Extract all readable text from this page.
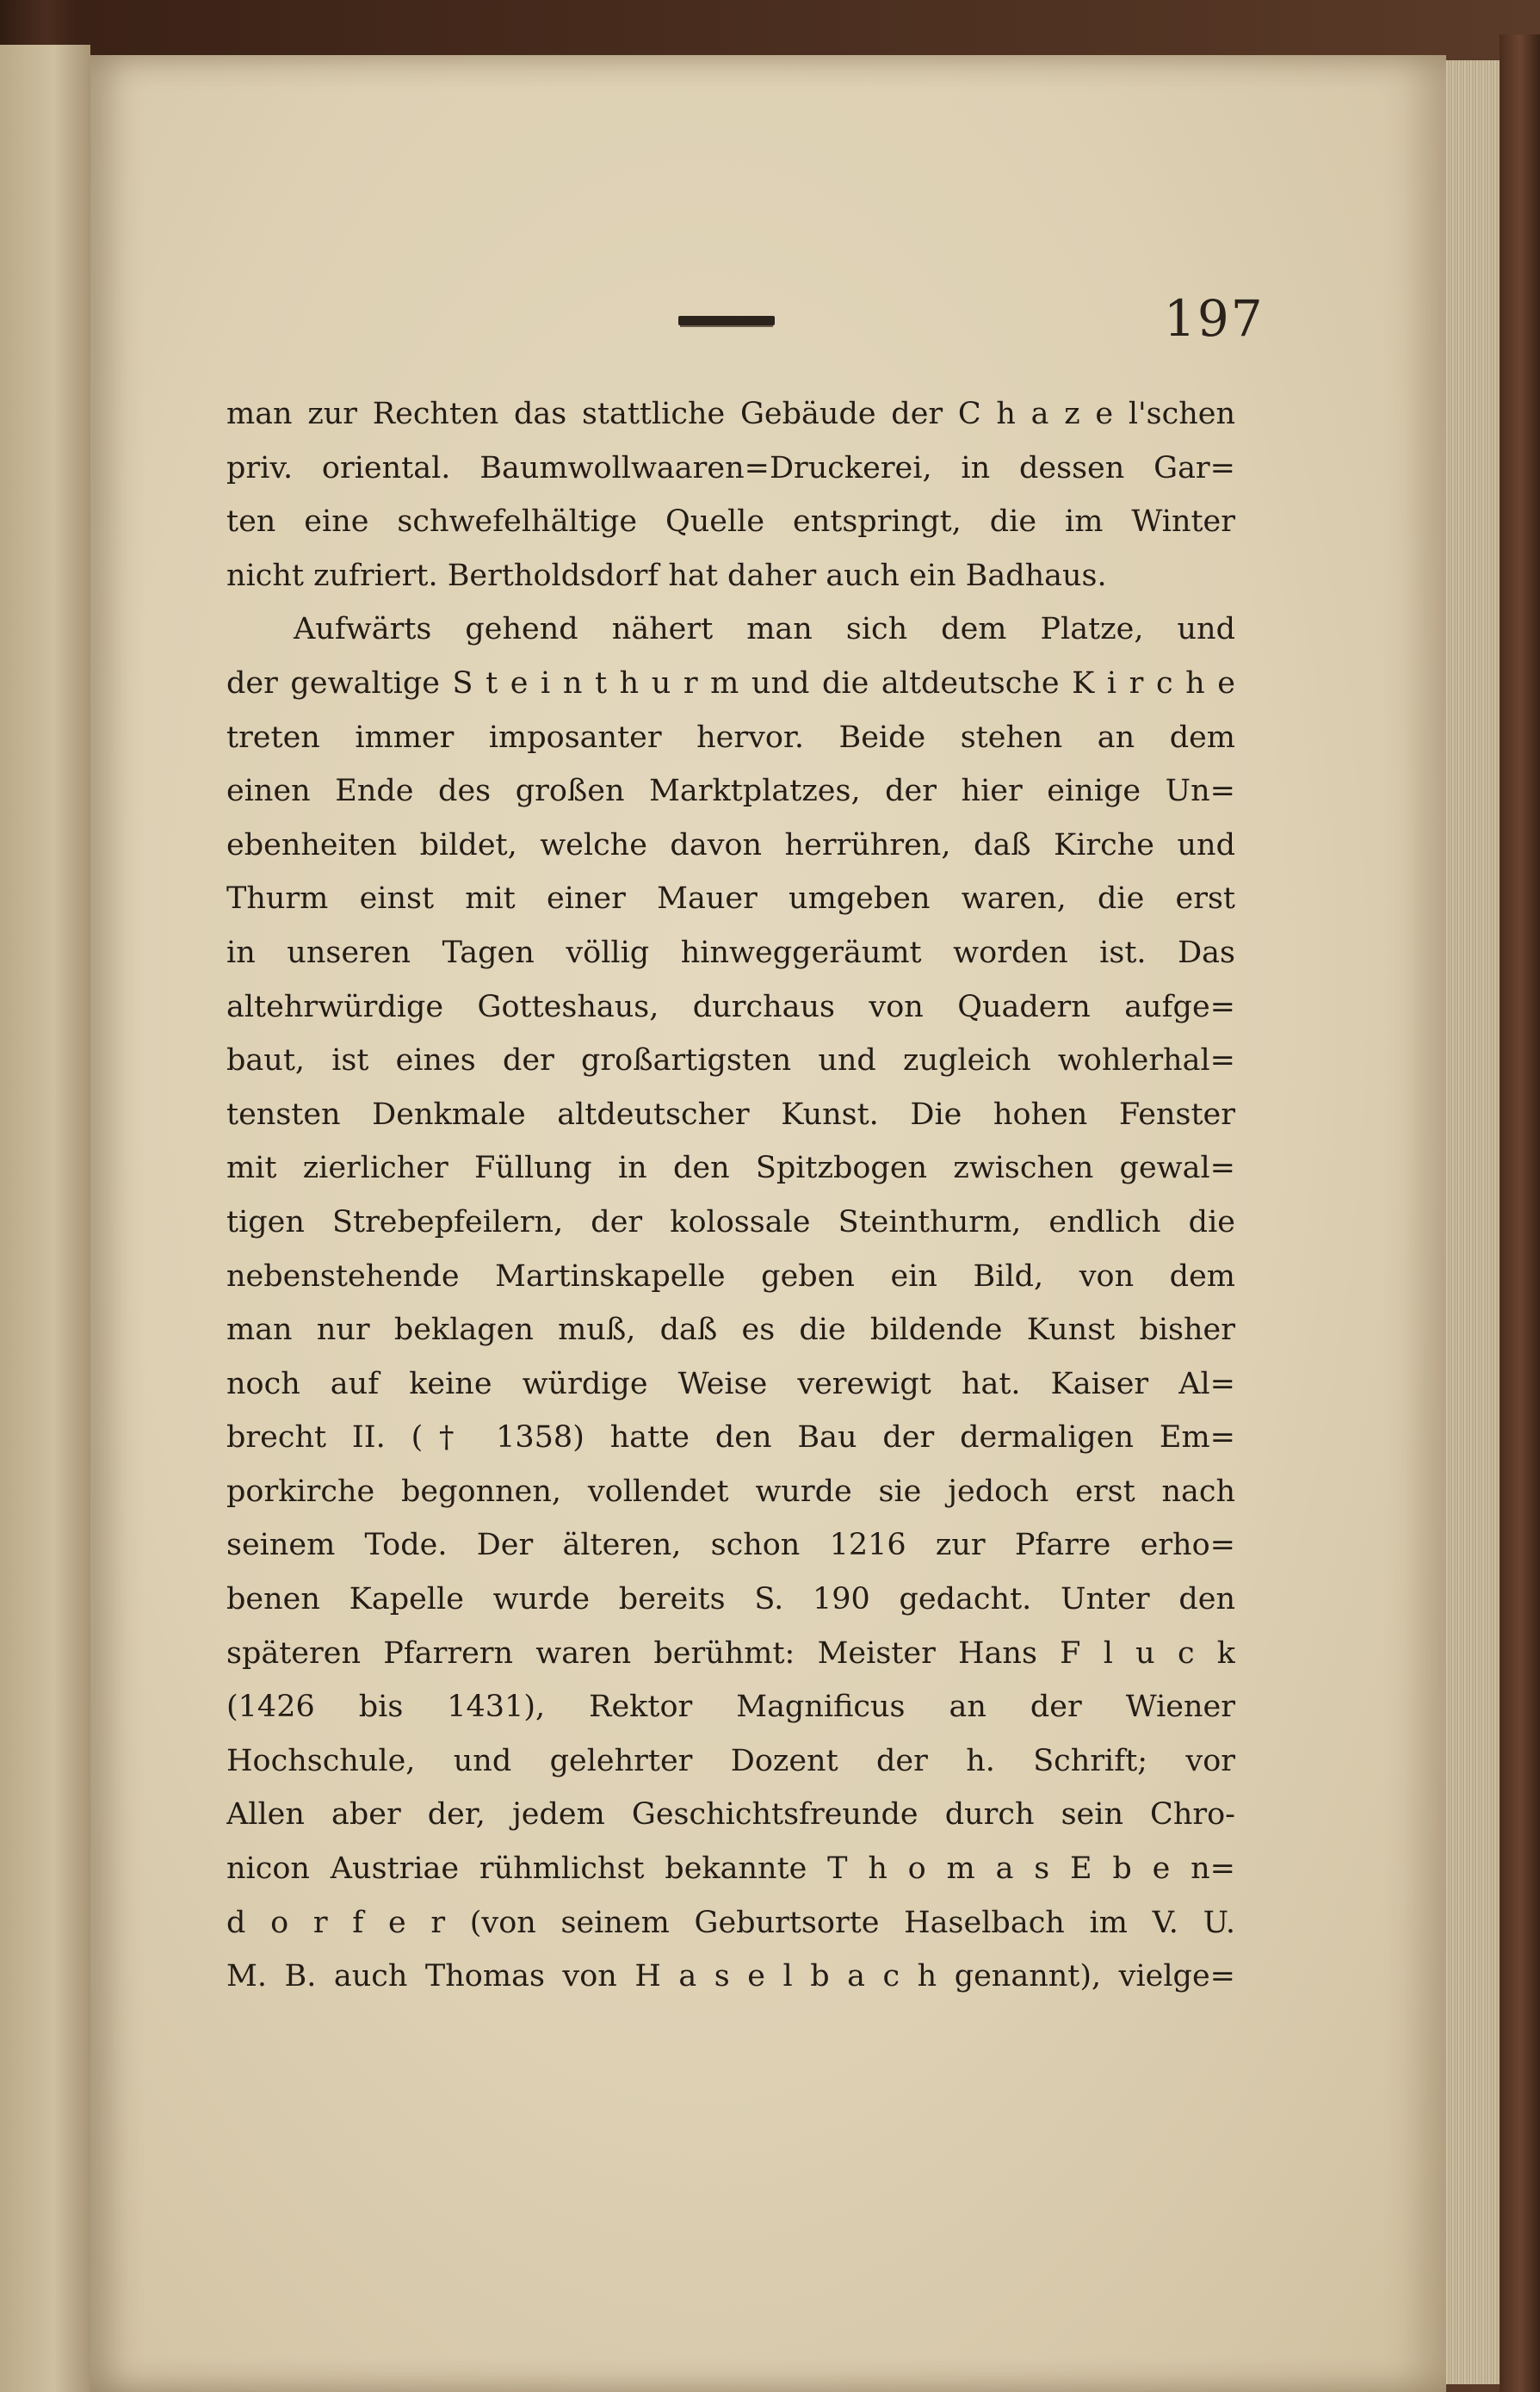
197
man zur Rechten das stattliche Gebäude der C h a z e l'schen
priv. oriental. Baumwollwaaren=Druckerei, in dessen Gar=
ten eine schwefelhältige Quelle entspringt, die im Winter
nicht zufriert. Bertholdsdorf hat daher auch ein Badhaus.
Aufwärts gehend nähert man sich dem Platze, und
der gewaltige S t e i n t h u r m und die altdeutsche K i r c h e
treten immer imposanter hervor. Beide stehen an dem
einen Ende des großen Marktplatzes, der hier einige Un=
ebenheiten bildet, welche davon herrühren, daß Kirche und
Thurm einst mit einer Mauer umgeben waren, die erst
in unseren Tagen völlig hinweggeräumt worden ist. Das
altehrwürdige Gotteshaus, durchaus von Quadern aufge=
baut, ist eines der großartigsten und zugleich wohlerhal=
tensten Denkmale altdeutscher Kunst. Die hohen Fenster
mit zierlicher Füllung in den Spitzbogen zwischen gewal=
tigen Strebepfeilern, der kolossale Steinthurm, endlich die
nebenstehende Martinskapelle geben ein Bild, von dem
man nur beklagen muß, daß es die bildende Kunst bisher
noch auf keine würdige Weise verewigt hat. Kaiser Al=
brecht II. († 1358) hatte den Bau der dermaligen Em=
porkirche begonnen, vollendet wurde sie jedoch erst nach
seinem Tode. Der älteren, schon 1216 zur Pfarre erho=
benen Kapelle wurde bereits S. 190 gedacht. Unter den
späteren Pfarrern waren berühmt: Meister Hans F l u c k
(1426 bis 1431), Rektor Magnificus an der Wiener
Hochschule, und gelehrter Dozent der h. Schrift; vor
Allen aber der, jedem Geschichtsfreunde durch sein Chro-
nicon Austriae rühmlichst bekannte T h o m a s E b e n=
d o r f e r (von seinem Geburtsorte Haselbach im V. U.
M. B. auch Thomas von H a s e l b a c h genannt), vielge=
